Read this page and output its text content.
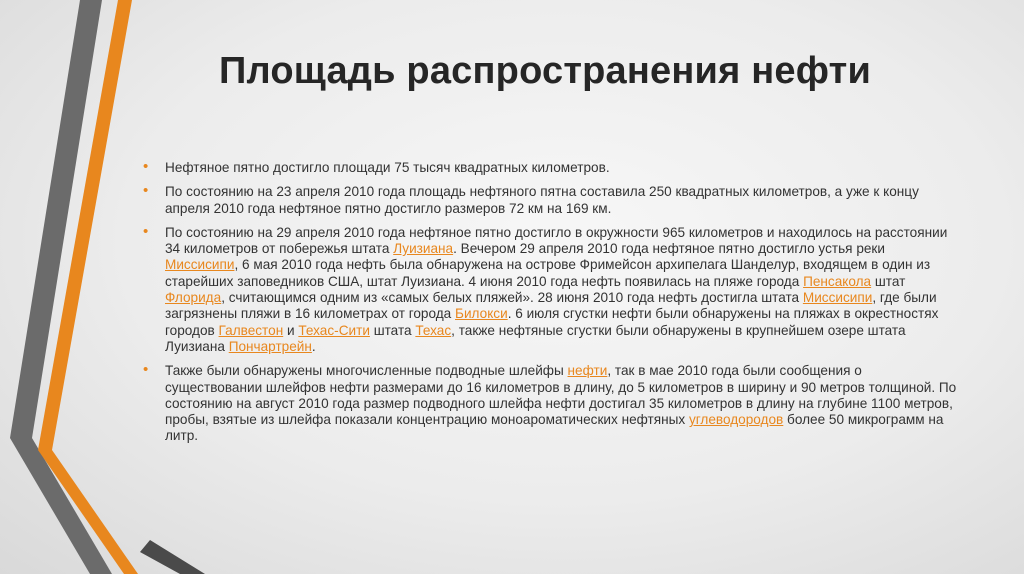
Площадь распространения нефти
• Нефтяное пятно достигло площади 75 тысяч квадратных километров.
• По состоянию на 23 апреля 2010 года площадь нефтяного пятна составила 250 квадратных километров, а уже к концу апреля 2010 года нефтяное пятно достигло размеров 72 км на 169 км.
• По состоянию на 29 апреля 2010 года нефтяное пятно достигло в окружности 965 километров и находилось на расстоянии 34 километров от побережья штата Луизиана. Вечером 29 апреля 2010 года нефтяное пятно достигло устья реки Миссисипи, 6 мая 2010 года нефть была обнаружена на острове Фримейсон архипелага Шанделур, входящем в один из старейших заповедников США, штат Луизиана. 4 июня 2010 года нефть появилась на пляже города Пенсакола штат Флорида, считающимся одним из «самых белых пляжей». 28 июня 2010 года нефть достигла штата Миссисипи, где были загрязнены пляжи в 16 километрах от города Билокси. 6 июля сгустки нефти были обнаружены на пляжах в окрестностях городов Галвестон и Техас-Сити штата Техас, также нефтяные сгустки были обнаружены в крупнейшем озере штата Луизиана Пончартрейн.
• Также были обнаружены многочисленные подводные шлейфы нефти, так в мае 2010 года были сообщения о существовании шлейфов нефти размерами до 16 километров в длину, до 5 километров в ширину и 90 метров толщиной. По состоянию на август 2010 года размер подводного шлейфа нефти достигал 35 километров в длину на глубине 1100 метров, пробы, взятые из шлейфа показали концентрацию моноароматических нефтяных углеводородов более 50 микрограмм на литр.
